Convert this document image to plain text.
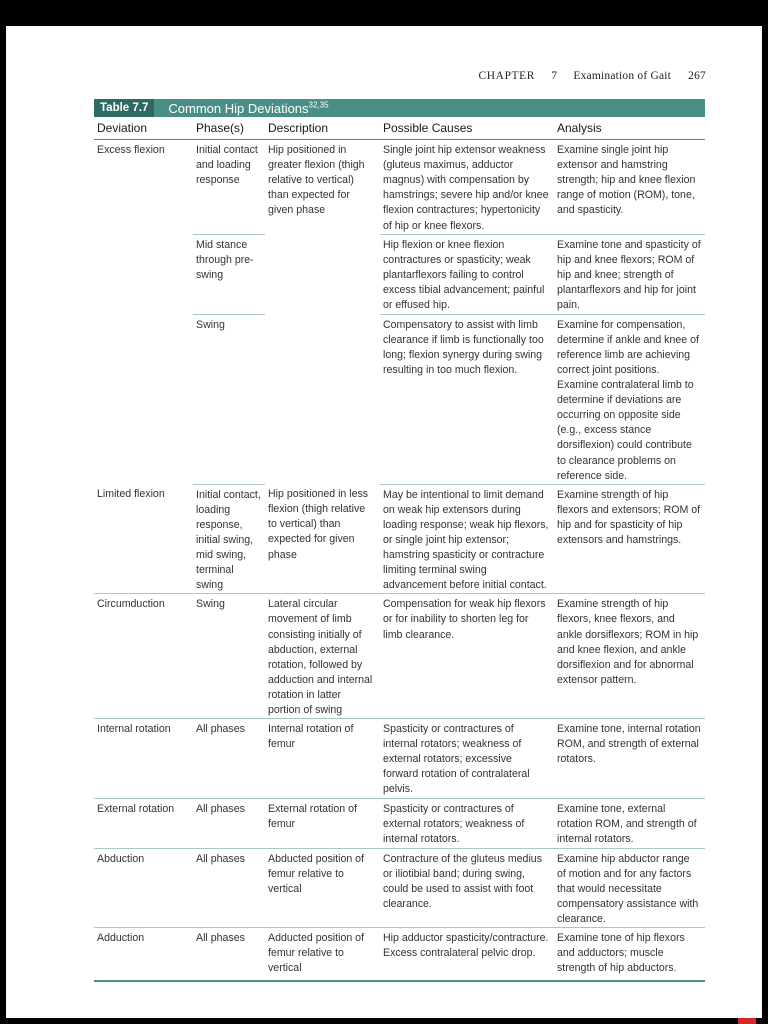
CHAPTER 7 Examination of Gait 267
Table 7.7	Common Hip Deviations$^{32,35}$
Deviation	Phase(s)	Description	Possible Causes	Analysis
Excess flexion	Initial contact and loading response	Hip positioned in greater flexion (thigh relative to vertical) than expected for given phase	Single joint hip extensor weakness (gluteus maximus, adductor magnus) with compensation by hamstrings; severe hip and/or knee flexion contractures; hypertonicity of hip or knee flexors.	Examine single joint hip extensor and hamstring strength; hip and knee flexion range of motion (ROM), tone, and spasticity.
	Mid stance through pre-swing		Hip flexion or knee flexion contractures or spasticity; weak plantarflexors failing to control excess tibial advancement; painful or effused hip.	Examine tone and spasticity of hip and knee flexors; ROM of hip and knee; strength of plantarflexors and hip for joint pain.
	Swing		Compensatory to assist with limb clearance if limb is functionally too long; flexion synergy during swing resulting in too much flexion.	Examine for compensation, determine if ankle and knee of reference limb are achieving correct joint positions. Examine contralateral limb to determine if deviations are occurring on opposite side (e.g., excess stance dorsiflexion) could contribute to clearance problems on reference side.
Limited flexion	Initial contact, loading response, initial swing, mid swing, terminal swing	Hip positioned in less flexion (thigh relative to vertical) than expected for given phase	May be intentional to limit demand on weak hip extensors during loading response; weak hip flexors, or single joint hip extensor; hamstring spasticity or contracture limiting terminal swing advancement before initial contact.	Examine strength of hip flexors and extensors; ROM of hip and for spasticity of hip extensors and hamstrings.
Circumduction	Swing	Lateral circular movement of limb consisting initially of abduction, external rotation, followed by adduction and internal rotation in latter portion of swing	Compensation for weak hip flexors or for inability to shorten leg for limb clearance.	Examine strength of hip flexors, knee flexors, and ankle dorsiflexors; ROM in hip and knee flexion, and ankle dorsiflexion and for abnormal extensor pattern.
Internal rotation	All phases	Internal rotation of femur	Spasticity or contractures of internal rotators; weakness of external rotators; excessive forward rotation of contralateral pelvis.	Examine tone, internal rotation ROM, and strength of external rotators.
External rotation	All phases	External rotation of femur	Spasticity or contractures of external rotators; weakness of internal rotators.	Examine tone, external rotation ROM, and strength of internal rotators.
Abduction	All phases	Abducted position of femur relative to vertical	Contracture of the gluteus medius or iliotibial band; during swing, could be used to assist with foot clearance.	Examine hip abductor range of motion and for any factors that would necessitate compensatory assistance with clearance.
Adduction	All phases	Adducted position of femur relative to vertical	Hip adductor spasticity/contracture. Excess contralateral pelvic drop.	Examine tone of hip flexors and adductors; muscle strength of hip abductors.
